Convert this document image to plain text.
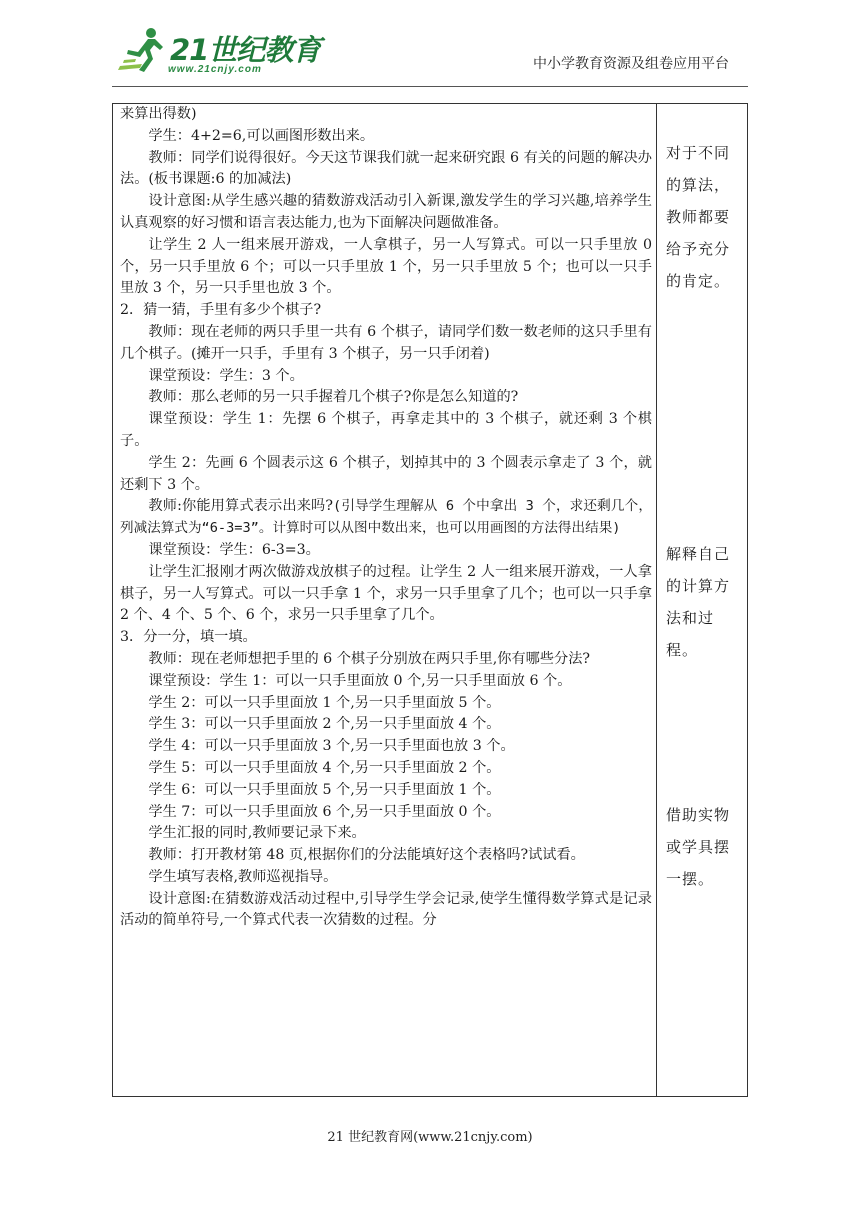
21世纪教育
www.21cnjy.com	中小学教育资源及组卷应用平台

来算出得数)

学生：4+2=6,可以画图形数出来。

教师：同学们说得很好。今天这节课我们就一起来研究跟 6 有关的问题的解决办法。(板书课题:6 的加减法)

设计意图:从学生感兴趣的猜数游戏活动引入新课,激发学生的学习兴趣,培养学生认真观察的好习惯和语言表达能力,也为下面解决问题做准备。

让学生 2 人一组来展开游戏，一人拿棋子，另一人写算式。可以一只手里放 0 个，另一只手里放 6 个；可以一只手里放 1 个，另一只手里放 5 个；也可以一只手里放 3 个，另一只手里也放 3 个。

2．猜一猜，手里有多少个棋子?

教师：现在老师的两只手里一共有 6 个棋子，请同学们数一数老师的这只手里有几个棋子。(摊开一只手，手里有 3 个棋子，另一只手闭着)

课堂预设：学生：3 个。

教师：那么老师的另一只手握着几个棋子?你是怎么知道的?

课堂预设：学生 1：先摆 6 个棋子，再拿走其中的 3 个棋子，就还剩 3 个棋子。

学生 2：先画 6 个圆表示这 6 个棋子，划掉其中的 3 个圆表示拿走了 3 个，就还剩下 3 个。

教师:你能用算式表示出来吗?(引导学生理解从 6 个中拿出 3 个，求还剩几个，列减法算式为“6-3=3”。计算时可以从图中数出来，也可以用画图的方法得出结果)

课堂预设：学生：6-3=3。

让学生汇报刚才两次做游戏放棋子的过程。让学生 2 人一组来展开游戏，一人拿棋子，另一人写算式。可以一只手拿 1 个，求另一只手里拿了几个；也可以一只手拿 2 个、4 个、5 个、6 个，求另一只手里拿了几个。

3．分一分，填一填。

教师：现在老师想把手里的 6 个棋子分别放在两只手里,你有哪些分法?

课堂预设：学生 1：可以一只手里面放 0 个,另一只手里面放 6 个。

学生 2：可以一只手里面放 1 个,另一只手里面放 5 个。

学生 3：可以一只手里面放 2 个,另一只手里面放 4 个。

学生 4：可以一只手里面放 3 个,另一只手里面也放 3 个。

学生 5：可以一只手里面放 4 个,另一只手里面放 2 个。

学生 6：可以一只手里面放 5 个,另一只手里面放 1 个。

学生 7：可以一只手里面放 6 个,另一只手里面放 0 个。

学生汇报的同时,教师要记录下来。

教师：打开教材第 48 页,根据你们的分法能填好这个表格吗?试试看。

学生填写表格,教师巡视指导。

设计意图:在猜数游戏活动过程中,引导学生学会记录,使学生懂得数学算式是记录活动的简单符号,一个算式代表一次猜数的过程。分

对于不同的算法，教师都要给予充分的肯定。
解释自己的计算方法和过程。
借助实物或学具摆一摆。
21 世纪教育网(www.21cnjy.com)
